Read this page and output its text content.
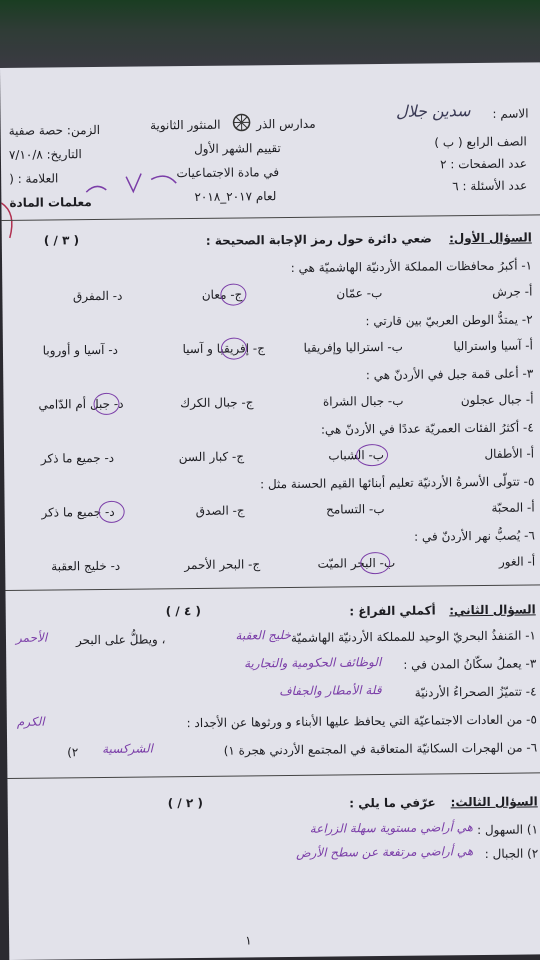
الاسم :
سدين جلال
الصف الرابع ( ب )
عدد الصفحات : ٢
عدد الأسئلة : ٦
مدارس الذر
المنثور الثانوية
تقييم الشهر الأول
في مادة الاجتماعيات
لعام ٢٠١٧_٢٠١٨
الزمن: حصة صفية
التاريخ: ٧/١٠/٨
العلامة : (
معلمات المادة
السؤال الأول:
ضعي دائرة حول رمز الإجابة الصحيحة :
( ٣ / )
١- أكبرُ محافظات المملكة الأردنيّة الهاشميّة هي :
أ- جرش
ب- عمّان
ج- معان
د- المفرق
٢- يمتدُّ الوطن العربيّ بين قارتي :
أ- آسيا واستراليا
ب- استراليا وإفريقيا
ج- إفريقيا و آسيا
د- آسيا و أوروبا
٣- أعلى قمة جبل في الأردنّ هي :
أ- جبال عجلون
ب- جبال الشراة
ج- جبال الكرك
د- جبل أم الدّامي
٤- أكثرُ الفئات العمريّة عددًا في الأردنّ هي:
أ- الأطفال
ب- الشباب
ج- كبار السن
د- جميع ما ذكر
٥- تتولّى الأسرةُ الأردنيّة تعليم أبنائها القيم الحسنة مثل :
أ- المحبّة
ب- التسامح
ج- الصدق
د- جميع ما ذكر
٦- يُصبُّ نهر الأردنّ في :
أ- الغور
ب- البحر الميّت
ج- البحر الأحمر
د- خليج العقبة
السؤال الثاني:
أكملي الفراغ :
( ٤ / )
١- المَنفذُ البحريّ الوحيد للمملكة الأردنيّة الهاشميّة
خليج العقبة
، ويطلُّ على البحر
الأحمر
٣- يعملُ سكّانُ المدن في :
الوظائف الحكومية والتجارية
٤- تتميّزُ الصحراءُ الأردنيّة
قلة الأمطار والجفاف
٥- من العادات الاجتماعيّة التي يحافظ عليها الأبناء و ورثوها عن الأجداد :
الكرم
٦- من الهجرات السكانيّة المتعاقبة في المجتمع الأردني هجرة ١)
الشركسية
٢)
السؤال الثالث:
عرّفي ما يلي :
( ٢ / )
١) السهول :
هي أراضي مستوية سهلة الزراعة
٢) الجبال :
هي أراضي مرتفعة عن سطح الأرض
١
